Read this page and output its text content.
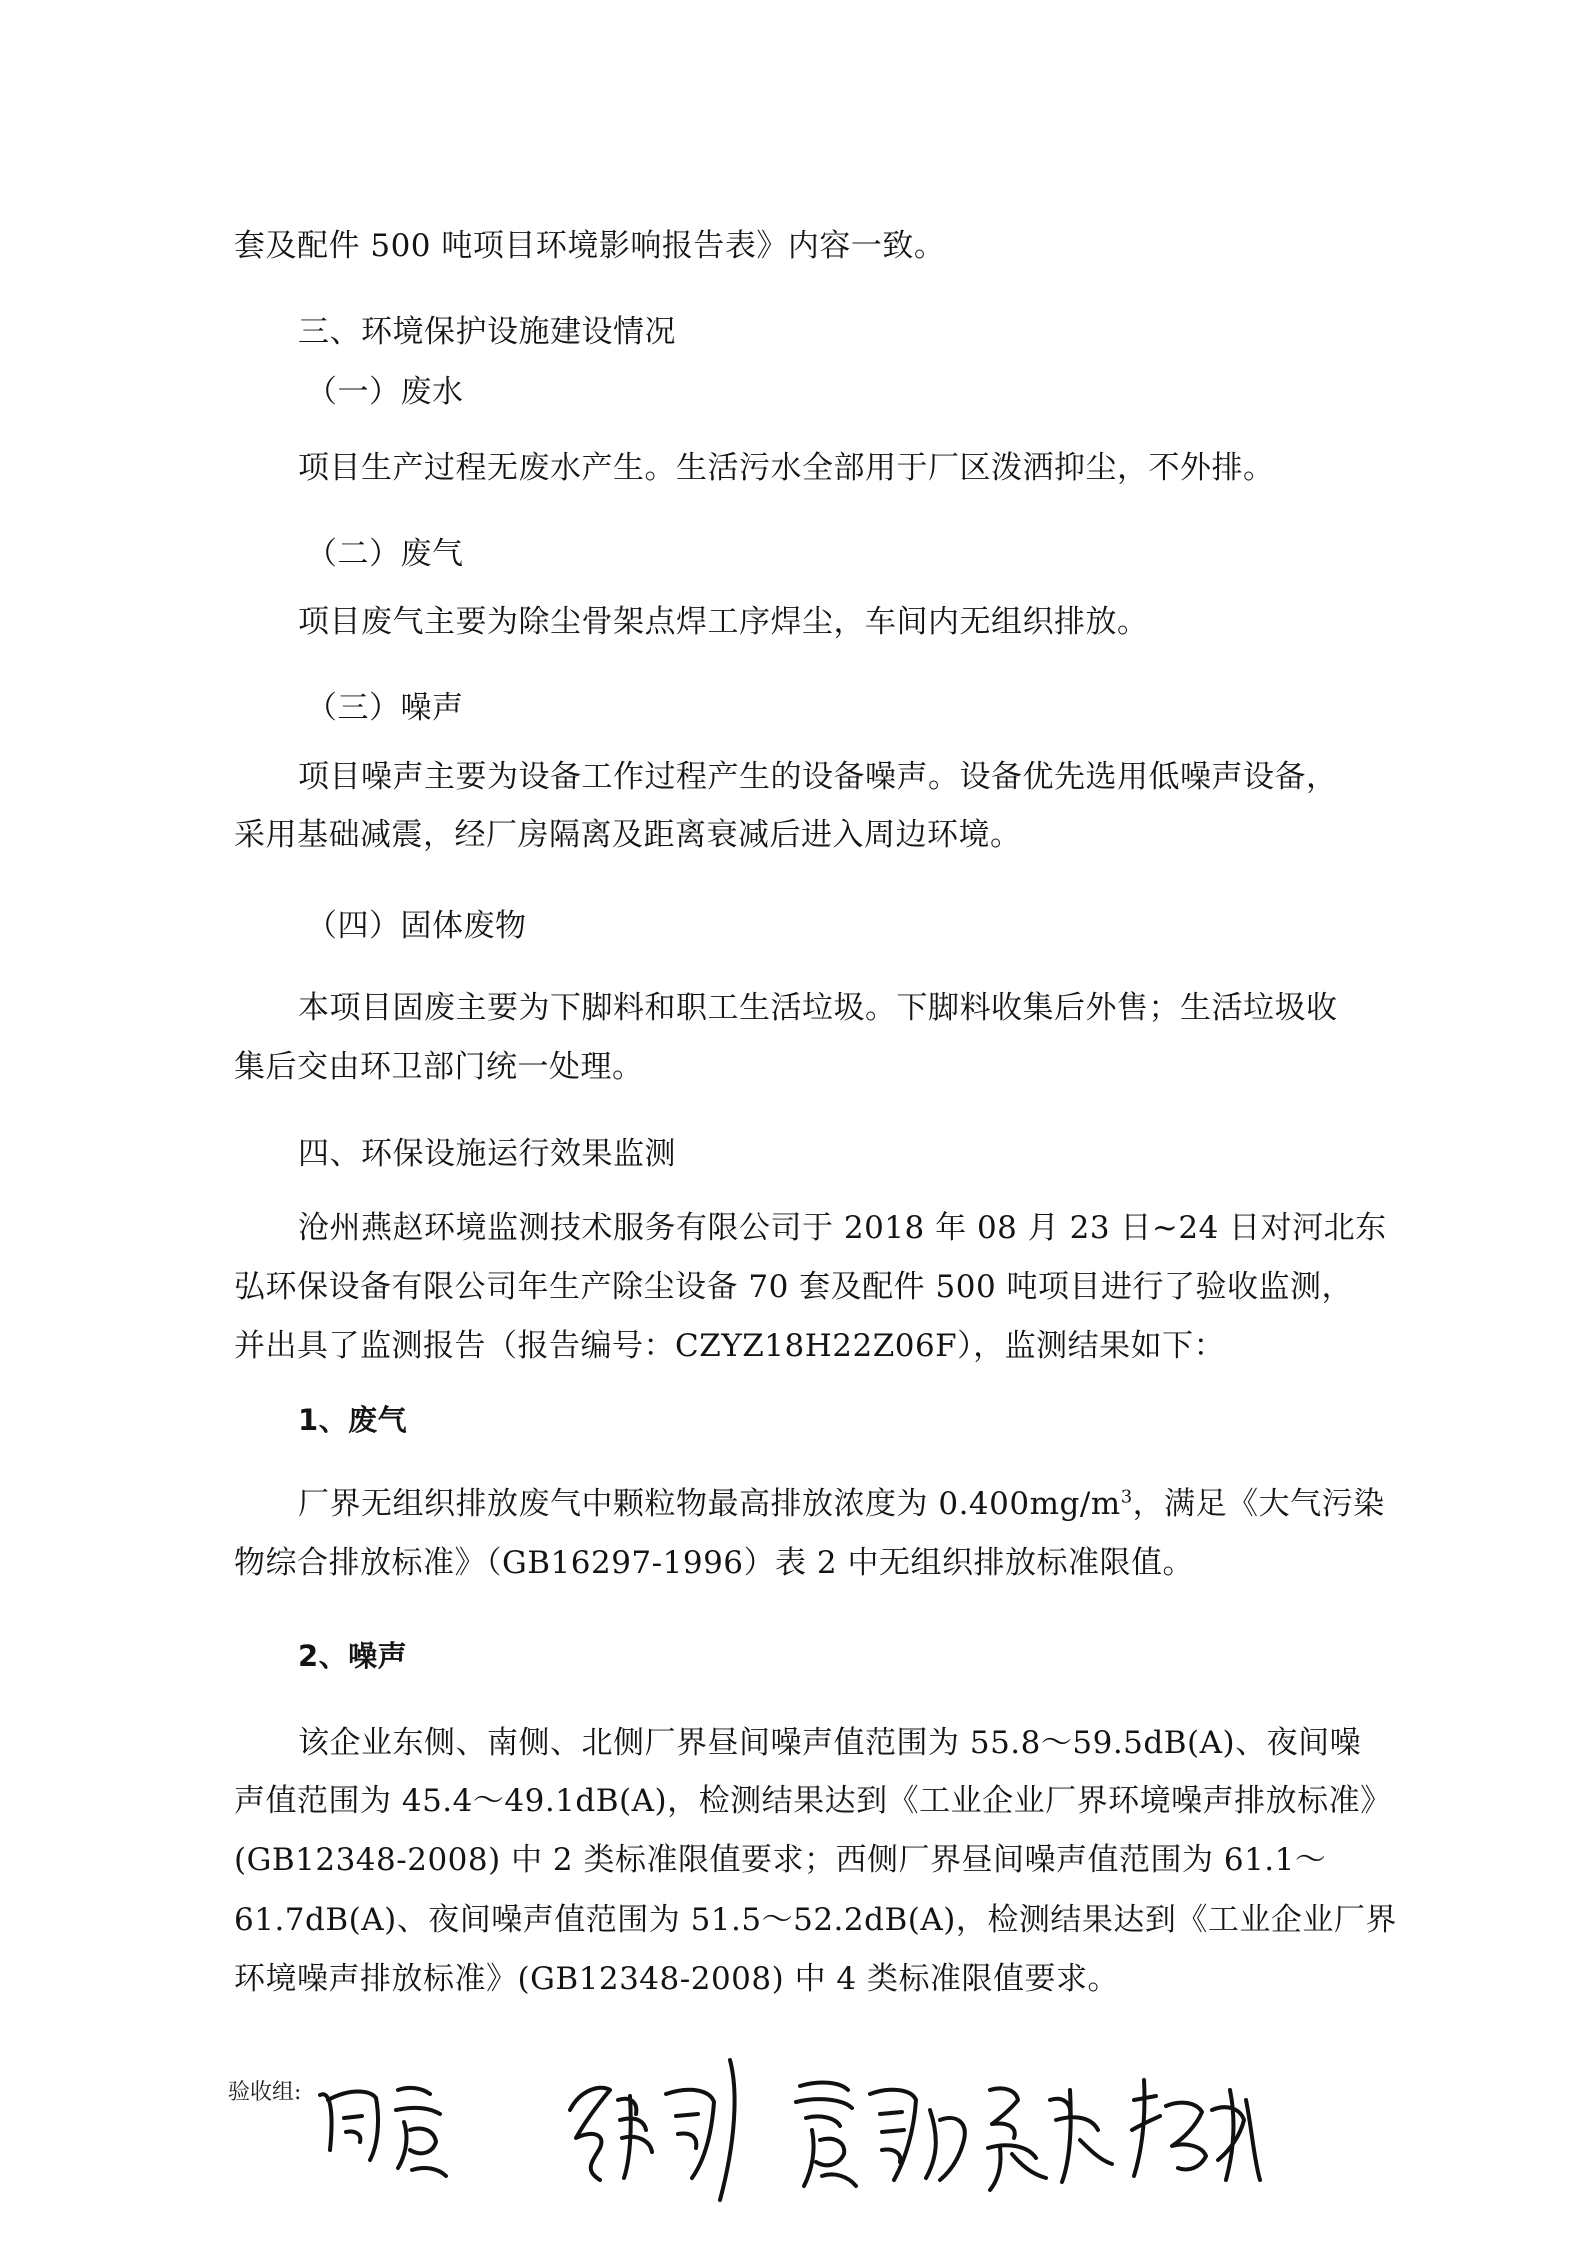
套及配件 500 吨项目环境影响报告表》内容一致。
三、环境保护设施建设情况
（一）废水
项目生产过程无废水产生。生活污水全部用于厂区泼洒抑尘，不外排。
（二）废气
项目废气主要为除尘骨架点焊工序焊尘，车间内无组织排放。
（三）噪声
项目噪声主要为设备工作过程产生的设备噪声。设备优先选用低噪声设备，
采用基础减震，经厂房隔离及距离衰减后进入周边环境。
（四）固体废物
本项目固废主要为下脚料和职工生活垃圾。下脚料收集后外售；生活垃圾收
集后交由环卫部门统一处理。
四、环保设施运行效果监测
沧州燕赵环境监测技术服务有限公司于 2018 年 08 月 23 日~24 日对河北东
弘环保设备有限公司年生产除尘设备 70 套及配件 500 吨项目进行了验收监测，
并出具了监测报告（报告编号：CZYZ18H22Z06F），监测结果如下：
1、废气
厂界无组织排放废气中颗粒物最高排放浓度为 $0.400mg/m^3$，满足《大气污染
物综合排放标准》（GB16297-1996）表 2 中无组织排放标准限值。
2、噪声
该企业东侧、南侧、北侧厂界昼间噪声值范围为 55.8～59.5dB(A)、夜间噪
声值范围为 45.4～49.1dB(A)，检测结果达到《工业企业厂界环境噪声排放标准》
(GB12348-2008) 中 2 类标准限值要求；西侧厂界昼间噪声值范围为 61.1～
61.7dB(A)、夜间噪声值范围为 51.5～52.2dB(A)，检测结果达到《工业企业厂界
环境噪声排放标准》(GB12348-2008) 中 4 类标准限值要求。
验收组:
